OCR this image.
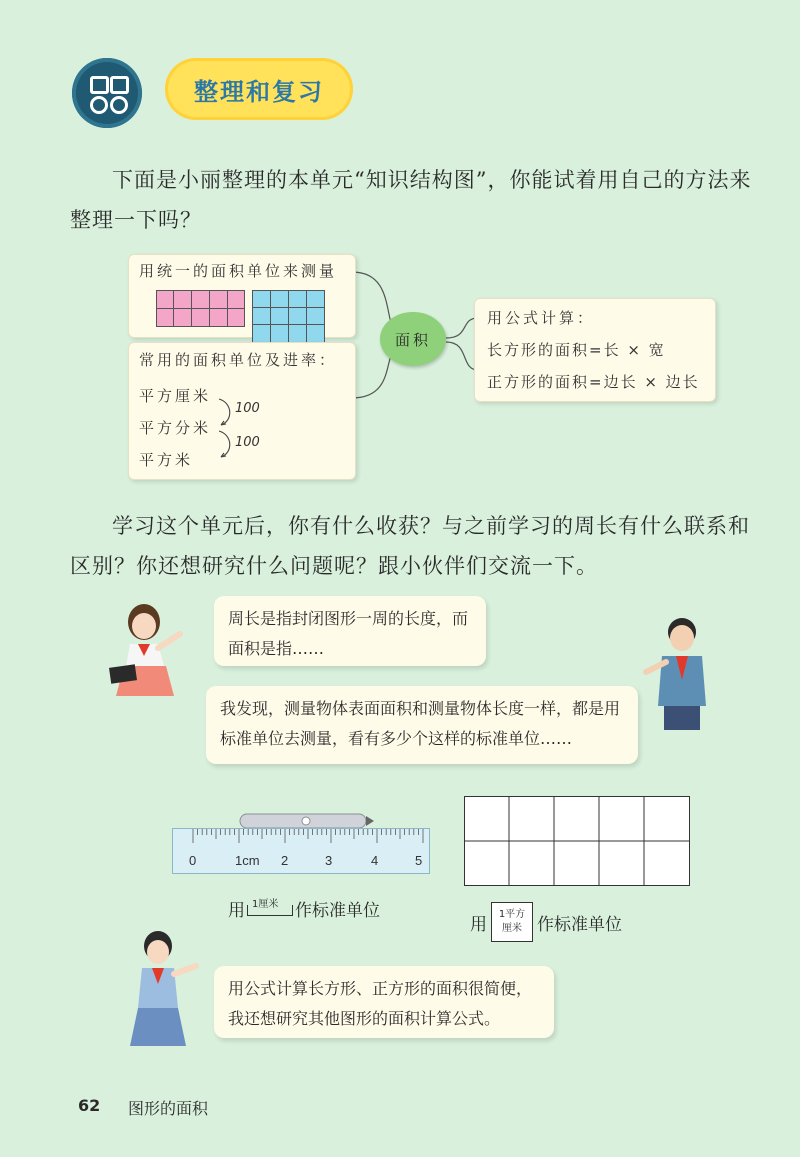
整理和复习
下面是小丽整理的本单元“知识结构图”，你能试着用自己的方法来整理一下吗？
用统一的面积单位来测量
常用的面积单位及进率：
平方厘米
平方分米
平方米
100
100
面积
用公式计算：
长方形的面积=长 × 宽
正方形的面积=边长 × 边长
学习这个单元后，你有什么收获？与之前学习的周长有什么联系和区别？你还想研究什么问题呢？跟小伙伴们交流一下。
周长是指封闭图形一周的长度，而面积是指……
我发现，测量物体表面面积和测量物体长度一样，都是用标准单位去测量，看有多少个这样的标准单位……
0	1cm 2	3	4	5
用 1厘米 作标准单位
用	1平方
厘米 作标准单位
用公式计算长方形、正方形的面积很简便，我还想研究其他图形的面积计算公式。
62 图形的面积
